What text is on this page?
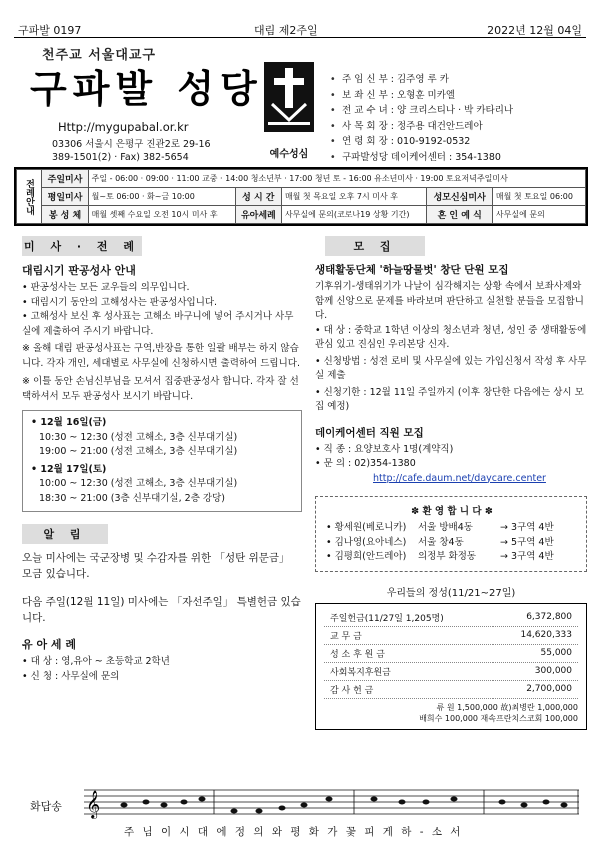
구파발 0197	대림 제2주일	2022년 12월 04일
천주교 서울대교구
구파발 성당
Http://mygupabal.or.kr
03306 서울시 은평구 진관2로 29-16
389-1501(2) · Fax) 382-5654	예수성심
• 주 임 신 부 : 김주영 루 카
• 보 좌 신 부 : 오형훈 미카엘
• 전 교 수 녀 : 양 크리스티나 · 박 카타리나
• 사 목 회 장 : 정주용 대건안드레아
• 연 령 회 장 : 010-9192-0532
• 구파발성당 데이케어센터 : 354-1380
전례안내	주일미사	주일 - 06:00 · 09:00 · 11:00 교중 · 14:00 청소년부 · 17:00 청년 토 - 16:00 유소년미사 · 19:00 토요저녁주일미사				
	평일미사	월~토 06:00 · 화~금 10:00	성 시 간	매월 첫 목요일 오후 7시 미사 후	성모신심미사	매월 첫 토요일 06:00
	봉 성 체	매월 셋째 수요일 오전 10시 미사 후	유아세례	사무실에 문의(코로나19 상황 기간)	혼 인 예 식	사무실에 문의
미 사 · 전 례
대림시기 판공성사 안내
• 판공성사는 모든 교우들의 의무입니다.
• 대림시기 동안의 고해성사는 판공성사입니다.
• 고해성사 보신 후 성사표는 고해소 바구니에 넣어 주시거나 사무실에 제출하여 주시기 바랍니다.
※ 올해 대림 판공성사표는 구역,반장을 통한 일괄 배부는 하지 않습니다. 각자 개인, 세대별로 사무실에 신청하시면 출력하여 드립니다.
※ 이틀 동안 손님신부님을 모셔서 집중판공성사 합니다. 각자 잘 선택하셔서 모두 판공성사 보시기 바랍니다.
• 12월 16일(금)
10:30 ~ 12:30 (성전 고해소, 3층 신부대기실)
19:00 ~ 21:00 (성전 고해소, 3층 신부대기실)
• 12월 17일(토)
10:00 ~ 12:30 (성전 고해소, 3층 신부대기실)
18:30 ~ 21:00 (3층 신부대기실, 2층 강당)
알 림
오늘 미사에는 국군장병 및 수감자를 위한 「성탄 위문금」 모금 있습니다.
다음 주일(12월 11일) 미사에는 「자선주일」 특별헌금 있습니다.
유 아 세 례
• 대 상 : 영,유아 ~ 초등학교 2학년
• 신 청 : 사무실에 문의
모 집
생태활동단체 '하늘땅물벗' 창단 단원 모집
기후위기-생태위기가 나날이 심각해지는 상황 속에서 보좌사제와 함께 신앙으로 문제를 바라보며 판단하고 실천할 분들을 모집합니다.
• 대 상 : 중학교 1학년 이상의 청소년과 청년, 성인 중 생태활동에 관심 있고 진심인 우리본당 신자.
• 신청방법 : 성전 로비 및 사무실에 있는 가입신청서 작성 후 사무실 제출
• 신청기한 : 12월 11일 주일까지 (이후 창단한 다음에는 상시 모집 예정)
데이케어센터 직원 모집
• 직 종 : 요양보호사 1명(계약직)
• 문 의 : 02)354-1380
http://cafe.daum.net/daycare.center
✽ 환 영 합 니 다 ✽
• 황세원(베로니카)	서울 방배4동	→ 3구역 4반
• 김나영(요아네스)	서울 창4동	→ 5구역 4반
• 김평희(안드레아)	의정부 화정동	→ 3구역 4반
우리들의 정성(11/21~27일)
주일헌금(11/27일 1,205명)	6,372,800
교 무 금	14,620,333
성 소 후 원 금	55,000
사회복지후원금	300,000
감 사 헌 금	2,700,000
류 원 1,500,000 故)최병란 1,000,000
배희수 100,000 재속프란치스코회 100,000
화답송 𝄞
주 님 이 시 대 에 정 의 와 평 화 가 꽃 피 게 하 - 소 서
